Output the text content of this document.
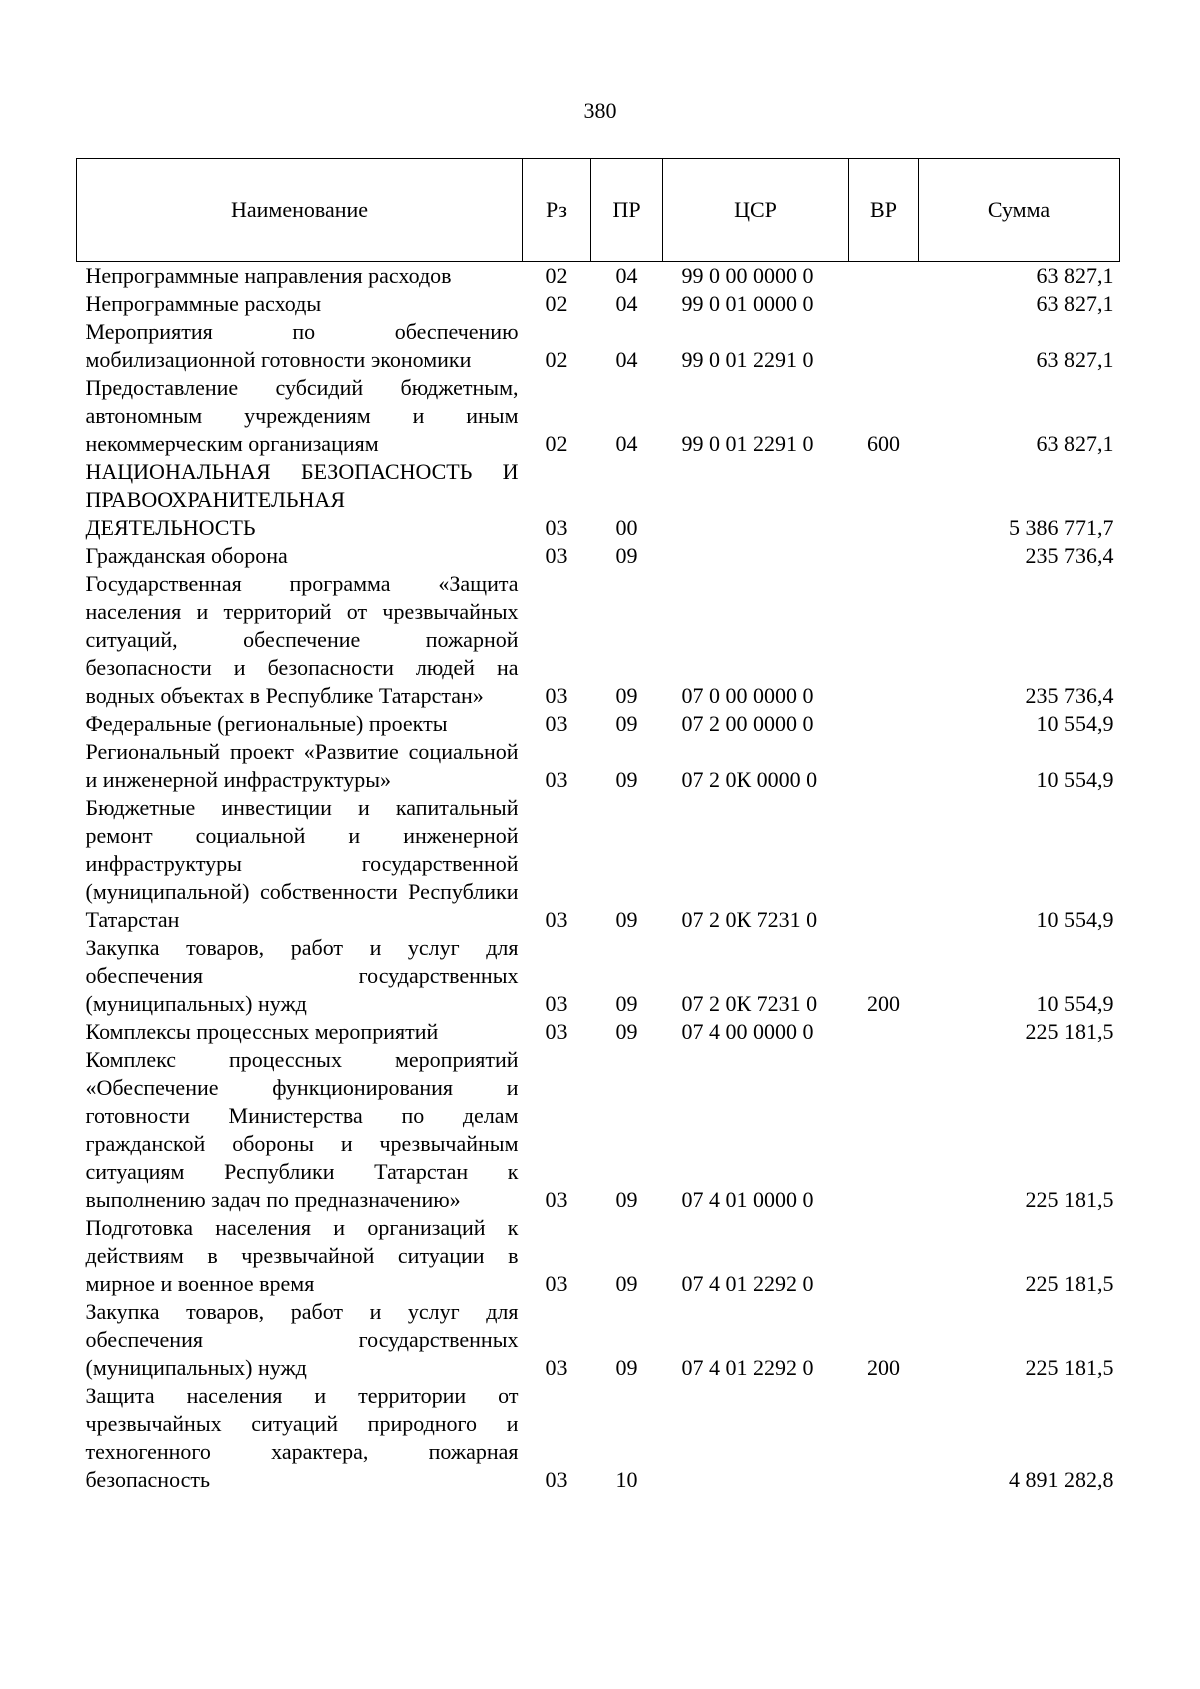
380
Наименование	Рз	ПР	ЦСР	ВР	Сумма
Непрограммные направления расходов	02	04	99 0 00 0000 0		63 827,1
Непрограммные расходы	02	04	99 0 01 0000 0		63 827,1
Мероприятия по обеспечению мобилизационной готовности экономики	02	04	99 0 01 2291 0		63 827,1
Предоставление субсидий бюджетным, автономным учреждениям и иным некоммерческим организациям	02	04	99 0 01 2291 0	600	63 827,1
НАЦИОНАЛЬНАЯ БЕЗОПАСНОСТЬ И ПРАВООХРАНИТЕЛЬНАЯ ДЕЯТЕЛЬНОСТЬ	03	00			5 386 771,7
Гражданская оборона	03	09			235 736,4
Государственная программа «Защита населения и территорий от чрезвычайных ситуаций, обеспечение пожарной безопасности и безопасности людей на водных объектах в Республике Татарстан»	03	09	07 0 00 0000 0		235 736,4
Федеральные (региональные) проекты	03	09	07 2 00 0000 0		10 554,9
Региональный проект «Развитие социальной и инженерной инфраструктуры»	03	09	07 2 0К 0000 0		10 554,9
Бюджетные инвестиции и капитальный ремонт социальной и инженерной инфраструктуры государственной (муниципальной) собственности Республики Татарстан	03	09	07 2 0К 7231 0		10 554,9
Закупка товаров, работ и услуг для обеспечения государственных (муниципальных) нужд	03	09	07 2 0К 7231 0	200	10 554,9
Комплексы процессных мероприятий	03	09	07 4 00 0000 0		225 181,5
Комплекс процессных мероприятий «Обеспечение функционирования и готовности Министерства по делам гражданской обороны и чрезвычайным ситуациям Республики Татарстан к выполнению задач по предназначению»	03	09	07 4 01 0000 0		225 181,5
Подготовка населения и организаций к действиям в чрезвычайной ситуации в мирное и военное время	03	09	07 4 01 2292 0		225 181,5
Закупка товаров, работ и услуг для обеспечения государственных (муниципальных) нужд	03	09	07 4 01 2292 0	200	225 181,5
Защита населения и территории от чрезвычайных ситуаций природного и техногенного характера, пожарная безопасность	03	10			4 891 282,8
